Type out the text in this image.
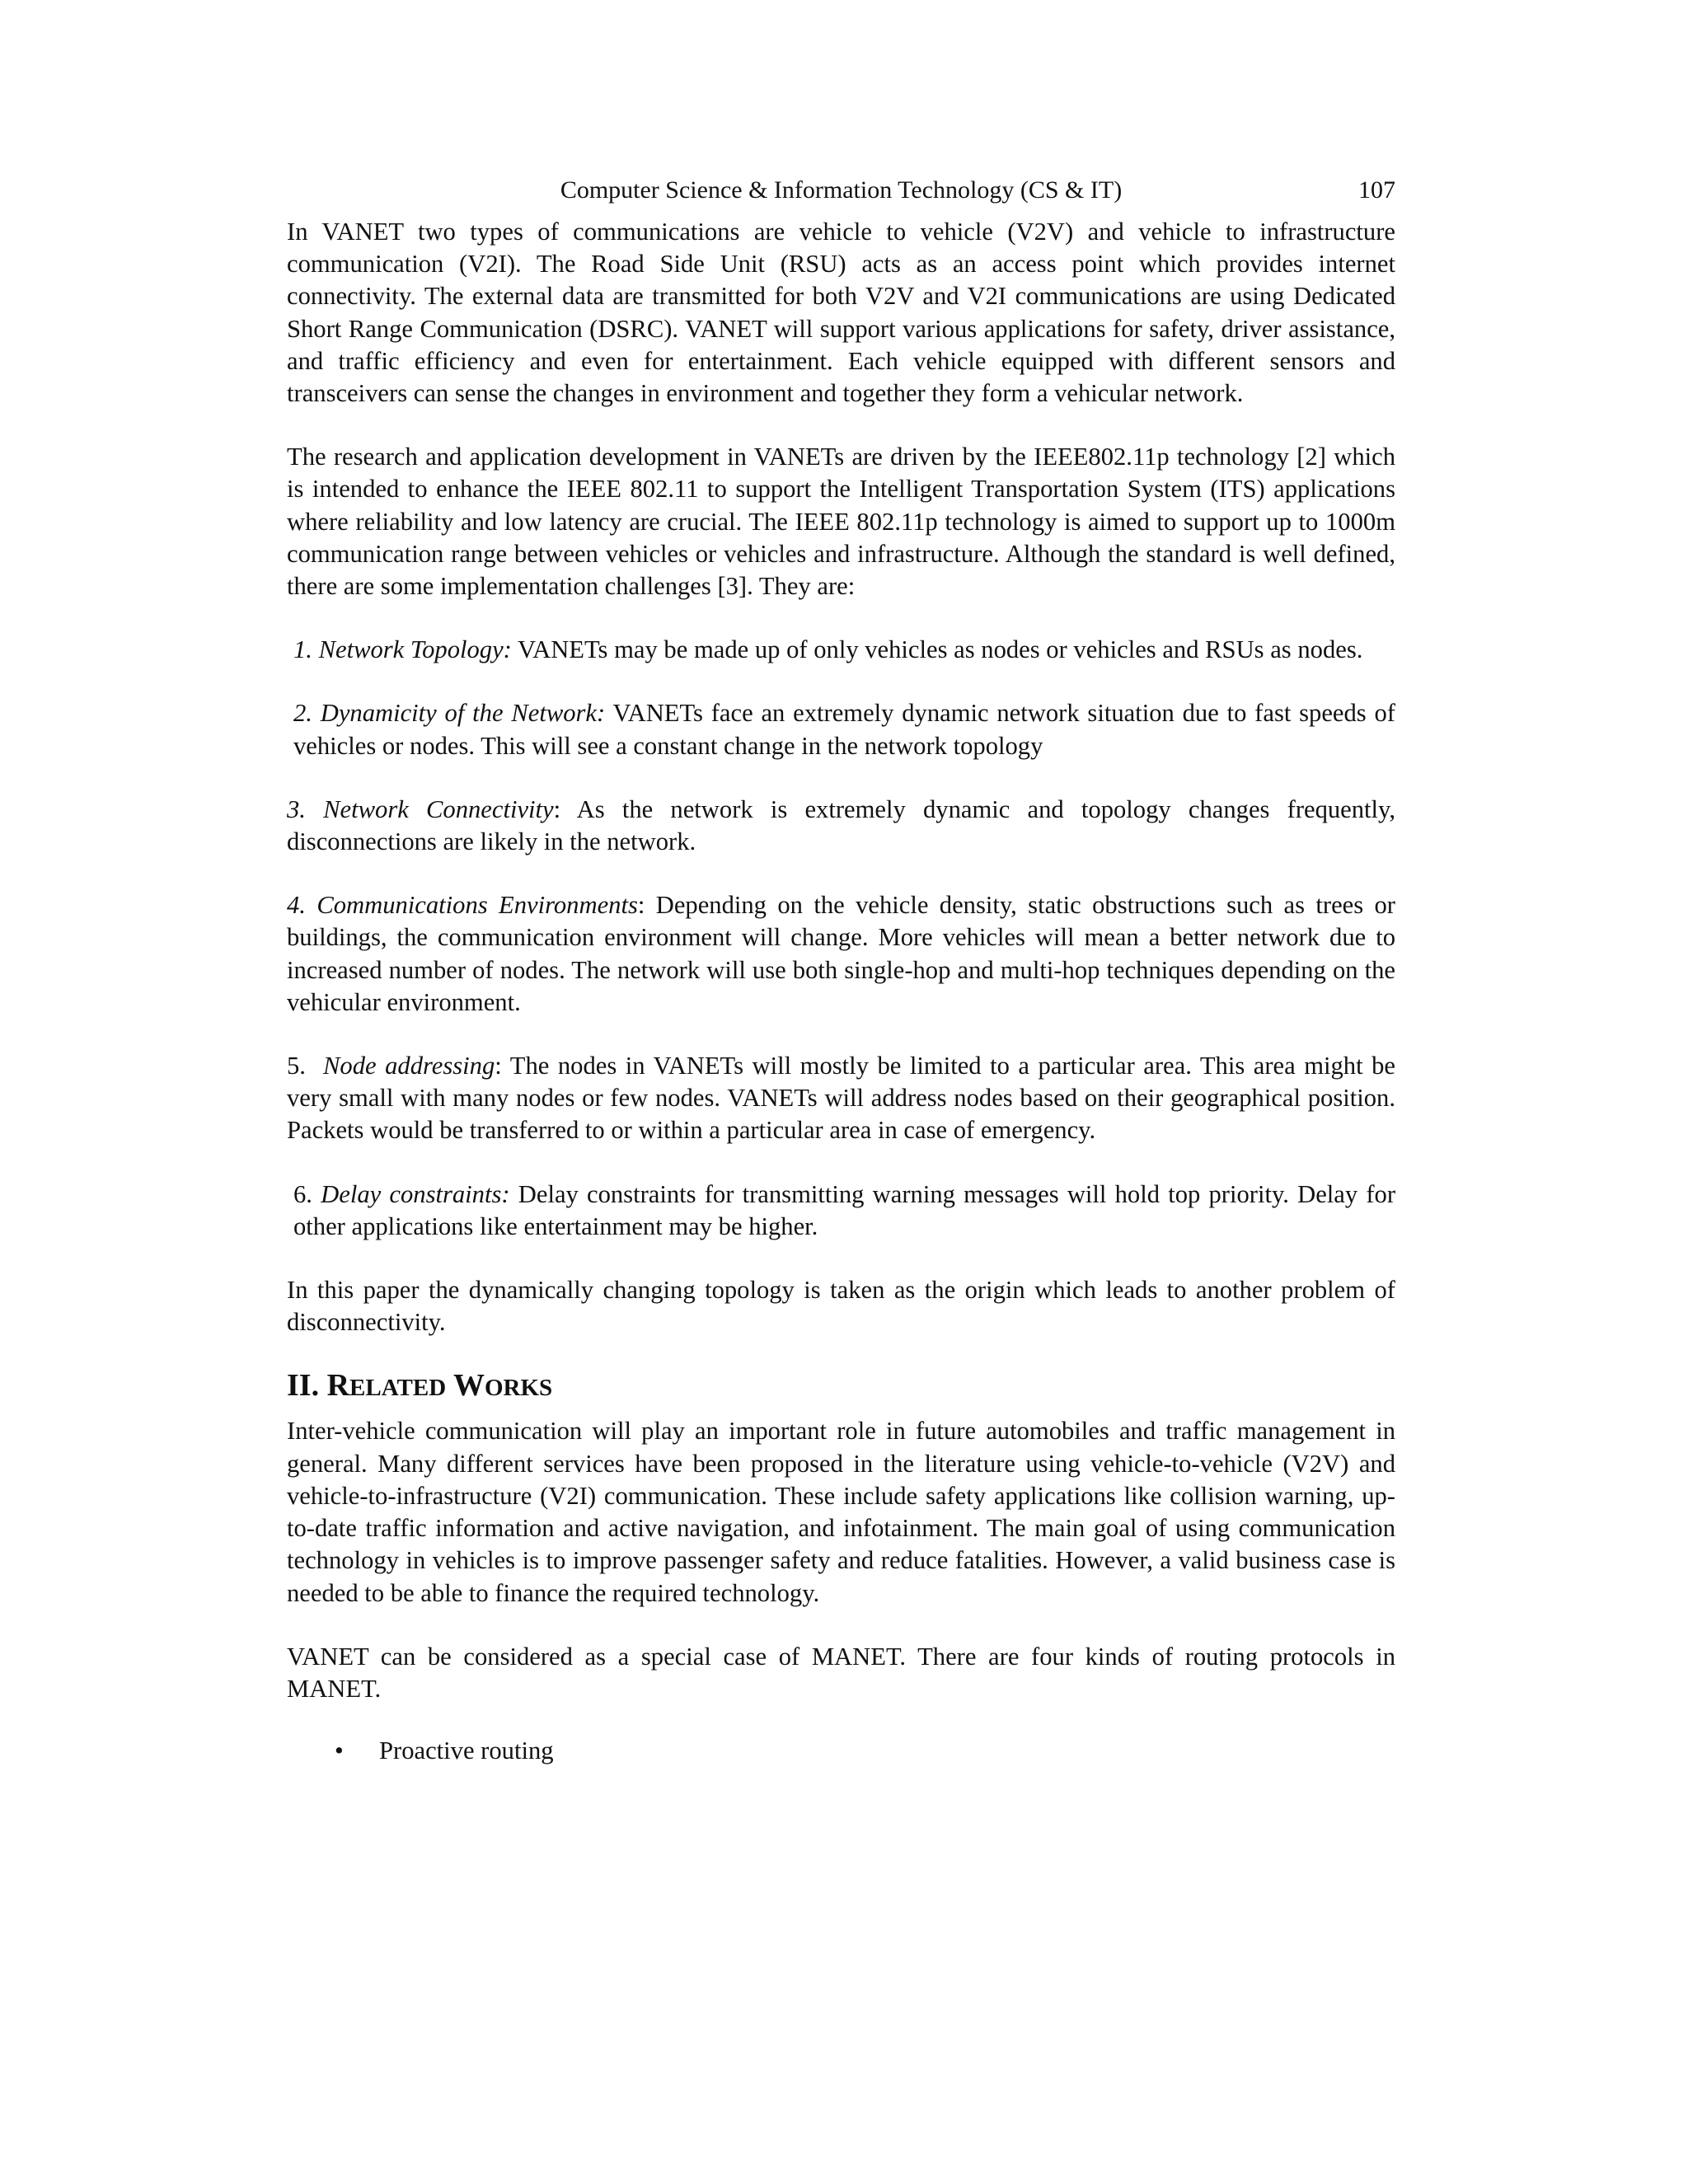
Computer Science & Information Technology (CS & IT)	107

In VANET two types of communications are vehicle to vehicle (V2V) and vehicle to infrastructure communication (V2I). The Road Side Unit (RSU) acts as an access point which provides internet connectivity. The external data are transmitted for both V2V and V2I communications are using Dedicated Short Range Communication (DSRC). VANET will support various applications for safety, driver assistance, and traffic efficiency and even for entertainment. Each vehicle equipped with different sensors and transceivers can sense the changes in environment and together they form a vehicular network.

The research and application development in VANETs are driven by the IEEE802.11p technology [2] which is intended to enhance the IEEE 802.11 to support the Intelligent Transportation System (ITS) applications where reliability and low latency are crucial. The IEEE 802.11p technology is aimed to support up to 1000m communication range between vehicles or vehicles and infrastructure. Although the standard is well defined, there are some implementation challenges [3]. They are:

1. Network Topology: VANETs may be made up of only vehicles as nodes or vehicles and RSUs as nodes.

2. Dynamicity of the Network: VANETs face an extremely dynamic network situation due to fast speeds of vehicles or nodes. This will see a constant change in the network topology

3. Network Connectivity: As the network is extremely dynamic and topology changes frequently, disconnections are likely in the network.

4. Communications Environments: Depending on the vehicle density, static obstructions such as trees or buildings, the communication environment will change. More vehicles will mean a better network due to increased number of nodes. The network will use both single-hop and multi-hop techniques depending on the vehicular environment.

5. Node addressing: The nodes in VANETs will mostly be limited to a particular area. This area might be very small with many nodes or few nodes. VANETs will address nodes based on their geographical position. Packets would be transferred to or within a particular area in case of emergency.

6. Delay constraints: Delay constraints for transmitting warning messages will hold top priority. Delay for other applications like entertainment may be higher.

In this paper the dynamically changing topology is taken as the origin which leads to another problem of disconnectivity.

II. RELATED WORKS

Inter-vehicle communication will play an important role in future automobiles and traffic management in general. Many different services have been proposed in the literature using vehicle-to-vehicle (V2V) and vehicle-to-infrastructure (V2I) communication. These include safety applications like collision warning, up-to-date traffic information and active navigation, and infotainment. The main goal of using communication technology in vehicles is to improve passenger safety and reduce fatalities. However, a valid business case is needed to be able to finance the required technology.

VANET can be considered as a special case of MANET. There are four kinds of routing protocols in MANET.

• Proactive routing
